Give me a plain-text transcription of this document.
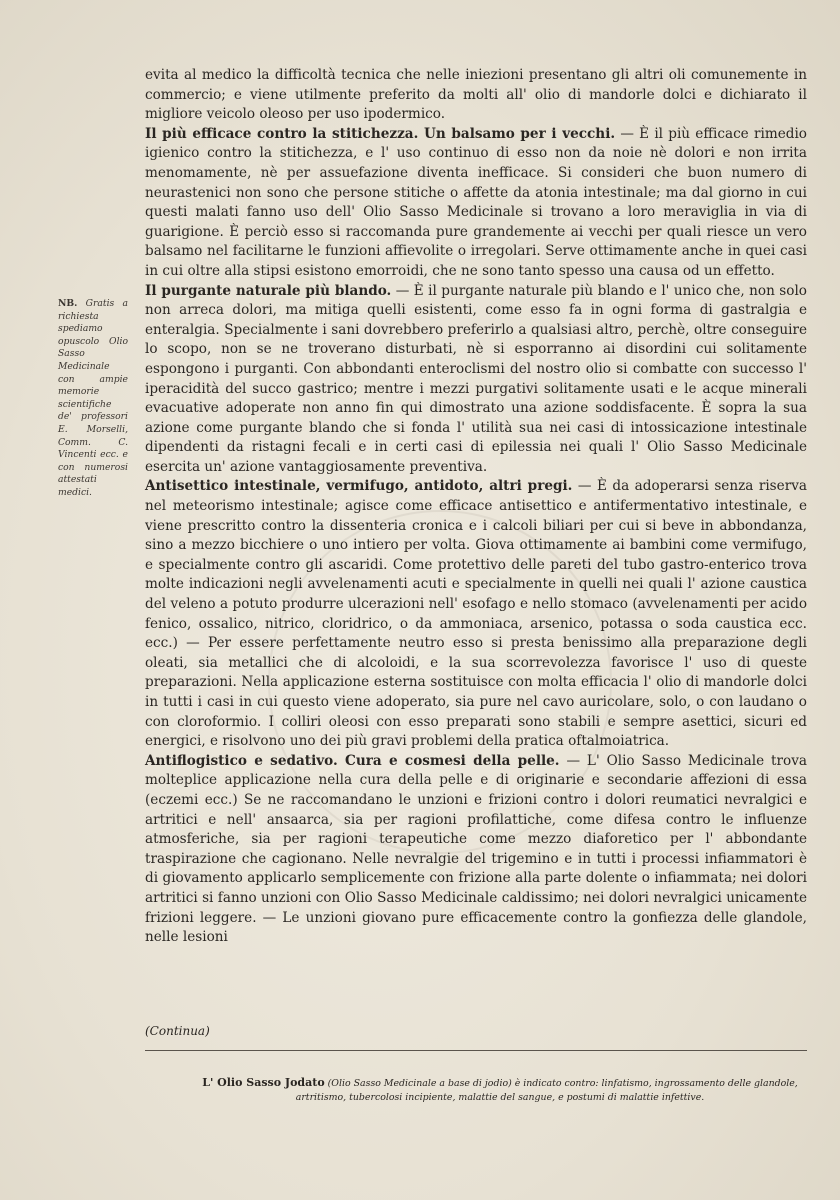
evita al medico la difficoltà tecnica che nelle iniezioni presentano gli altri oli comunemente in commercio; e viene utilmente preferito da molti all' olio di mandorle dolci e dichiarato il migliore veicolo oleoso per uso ipodermico.

Il più efficace contro la stitichezza. Un balsamo per i vecchi. — È il più efficace rimedio igienico contro la stitichezza, e l' uso continuo di esso non da noie nè dolori e non irrita menomamente, nè per assuefazione diventa inefficace. Si consideri che buon numero di neurastenici non sono che persone stitiche o affette da atonia intestinale; ma dal giorno in cui questi malati fanno uso dell' Olio Sasso Medicinale si trovano a loro meraviglia in via di guarigione. È perciò esso si raccomanda pure grandemente ai vecchi per quali riesce un vero balsamo nel facilitarne le funzioni affievolite o irregolari. Serve ottimamente anche in quei casi in cui oltre alla stipsi esistono emorroidi, che ne sono tanto spesso una causa od un effetto.

Il purgante naturale più blando. — È il purgante naturale più blando e l' unico che, non solo non arreca dolori, ma mitiga quelli esistenti, come esso fa in ogni forma di gastralgia e enteralgia. Specialmente i sani dovrebbero preferirlo a qualsiasi altro, perchè, oltre conseguire lo scopo, non se ne troverano disturbati, nè si esporranno ai disordini cui solitamente espongono i purganti. Con abbondanti enteroclismi del nostro olio si combatte con successo l' iperacidità del succo gastrico; mentre i mezzi purgativi solitamente usati e le acque minerali evacuative adoperate non anno fin qui dimostrato una azione soddisfacente. È sopra la sua azione come purgante blando che si fonda l' utilità sua nei casi di intossicazione intestinale dipendenti da ristagni fecali e in certi casi di epilessia nei quali l' Olio Sasso Medicinale esercita un' azione vantaggiosamente preventiva.

Antisettico intestinale, vermifugo, antidoto, altri pregi. — È da adoperarsi senza riserva nel meteorismo intestinale; agisce come efficace antisettico e antifermentativo intestinale, e viene prescritto contro la dissenteria cronica e i calcoli biliari per cui si beve in abbondanza, sino a mezzo bicchiere o uno intiero per volta. Giova ottimamente ai bambini come vermifugo, e specialmente contro gli ascaridi. Come protettivo delle pareti del tubo gastro-enterico trova molte indicazioni negli avvelenamenti acuti e specialmente in quelli nei quali l' azione caustica del veleno a potuto produrre ulcerazioni nell' esofago e nello stomaco (avvelenamenti per acido fenico, ossalico, nitrico, cloridrico, o da ammoniaca, arsenico, potassa o soda caustica ecc. ecc.) — Per essere perfettamente neutro esso si presta benissimo alla preparazione degli oleati, sia metallici che di alcoloidi, e la sua scorrevolezza favorisce l' uso di queste preparazioni. Nella applicazione esterna sostituisce con molta efficacia l' olio di mandorle dolci in tutti i casi in cui questo viene adoperato, sia pure nel cavo auricolare, solo, o con laudano o con cloroformio. I colliri oleosi con esso preparati sono stabili e sempre asettici, sicuri ed energici, e risolvono uno dei più gravi problemi della pratica oftalmoiatrica.

Antiflogistico e sedativo. Cura e cosmesi della pelle. — L' Olio Sasso Medicinale trova molteplice applicazione nella cura della pelle e di originarie e secondarie affezioni di essa (eczemi ecc.) Se ne raccomandano le unzioni e frizioni contro i dolori reumatici nevralgici e artritici e nell' ansaarca, sia per ragioni profilattiche, come difesa contro le influenze atmosferiche, sia per ragioni terapeutiche come mezzo diaforetico per l' abbondante traspirazione che cagionano. Nelle nevralgie del trigemino e in tutti i processi infiammatori è di giovamento applicarlo semplicemente con frizione alla parte dolente o infiammata; nei dolori artritici si fanno unzioni con Olio Sasso Medicinale caldissimo; nei dolori nevralgici unicamente frizioni leggere. — Le unzioni giovano pure efficacemente contro la gonfiezza delle glandole, nelle lesioni

NB. Gratis a richiesta spediamo opuscolo Olio Sasso Medicinale con ampie memorie scientifiche de' professori E. Morselli, Comm. C. Vincenti ecc. e con numerosi attestati medici.
(Continua)
L' Olio Sasso Jodato (Olio Sasso Medicinale a base di jodio) è indicato contro: linfatismo, ingrossamento delle glandole, artritismo, tubercolosi incipiente, malattie del sangue, e postumi di malattie infettive.
